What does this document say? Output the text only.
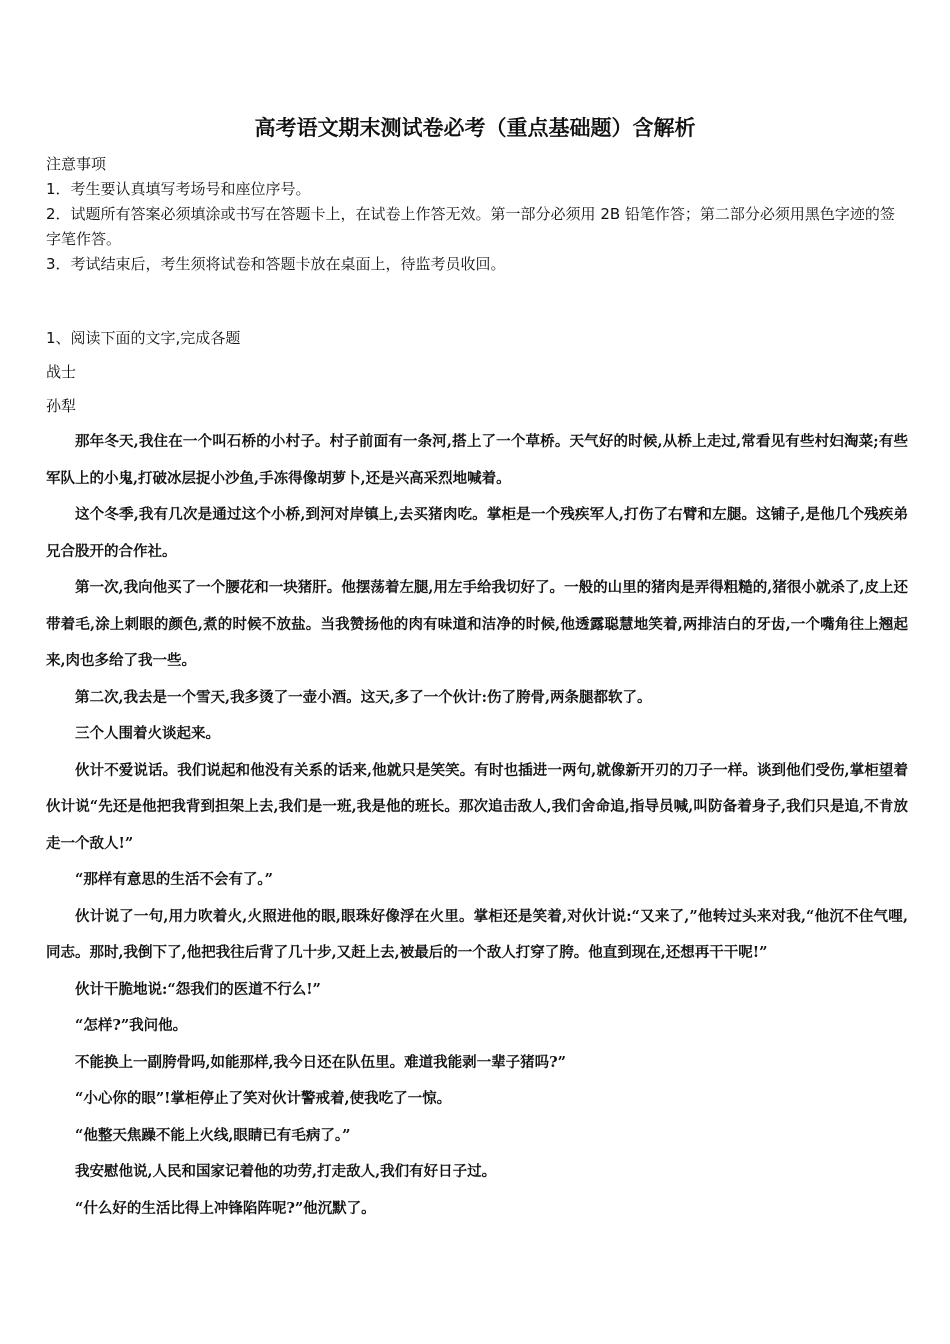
高考语文期末测试卷必考（重点基础题）含解析
注意事项
1．考生要认真填写考场号和座位序号。
2．试题所有答案必须填涂或书写在答题卡上，在试卷上作答无效。第一部分必须用 2B 铅笔作答；第二部分必须用黑色字迹的签字笔作答。
3．考试结束后，考生须将试卷和答题卡放在桌面上，待监考员收回。
1、阅读下面的文字,完成各题
战士
孙犁

那年冬天,我住在一个叫石桥的小村子。村子前面有一条河,搭上了一个草桥。天气好的时候,从桥上走过,常看见有些村妇淘菜;有些军队上的小鬼,打破冰层捉小沙鱼,手冻得像胡萝卜,还是兴高采烈地喊着。

这个冬季,我有几次是通过这个小桥,到河对岸镇上,去买猪肉吃。掌柜是一个残疾军人,打伤了右臂和左腿。这铺子,是他几个残疾弟兄合股开的合作社。

第一次,我向他买了一个腰花和一块猪肝。他摆荡着左腿,用左手给我切好了。一般的山里的猪肉是弄得粗糙的,猪很小就杀了,皮上还带着毛,涂上刺眼的颜色,煮的时候不放盐。当我赞扬他的肉有味道和洁净的时候,他透露聪慧地笑着,两排洁白的牙齿,一个嘴角往上翘起来,肉也多给了我一些。

第二次,我去是一个雪天,我多烫了一壶小酒。这天,多了一个伙计:伤了胯骨,两条腿都软了。

三个人围着火谈起来。

伙计不爱说话。我们说起和他没有关系的话来,他就只是笑笑。有时也插进一两句,就像新开刃的刀子一样。谈到他们受伤,掌柜望着伙计说“先还是他把我背到担架上去,我们是一班,我是他的班长。那次追击敌人,我们舍命追,指导员喊,叫防备着身子,我们只是追,不肯放走一个敌人!”

“那样有意思的生活不会有了。”

伙计说了一句,用力吹着火,火照进他的眼,眼珠好像浮在火里。掌柜还是笑着,对伙计说:“又来了,”他转过头来对我,“他沉不住气哩,同志。那时,我倒下了,他把我往后背了几十步,又赶上去,被最后的一个敌人打穿了胯。他直到现在,还想再干干呢!”

伙计干脆地说:“怨我们的医道不行么!”

“怎样?”我问他。

不能换上一副胯骨吗,如能那样,我今日还在队伍里。难道我能剥一辈子猪吗?”

“小心你的眼”!掌柜停止了笑对伙计警戒着,使我吃了一惊。

“他整天焦躁不能上火线,眼睛已有毛病了。”

我安慰他说,人民和国家记着他的功劳,打走敌人,我们有好日子过。

“什么好的生活比得上冲锋陷阵呢?”他沉默了。
